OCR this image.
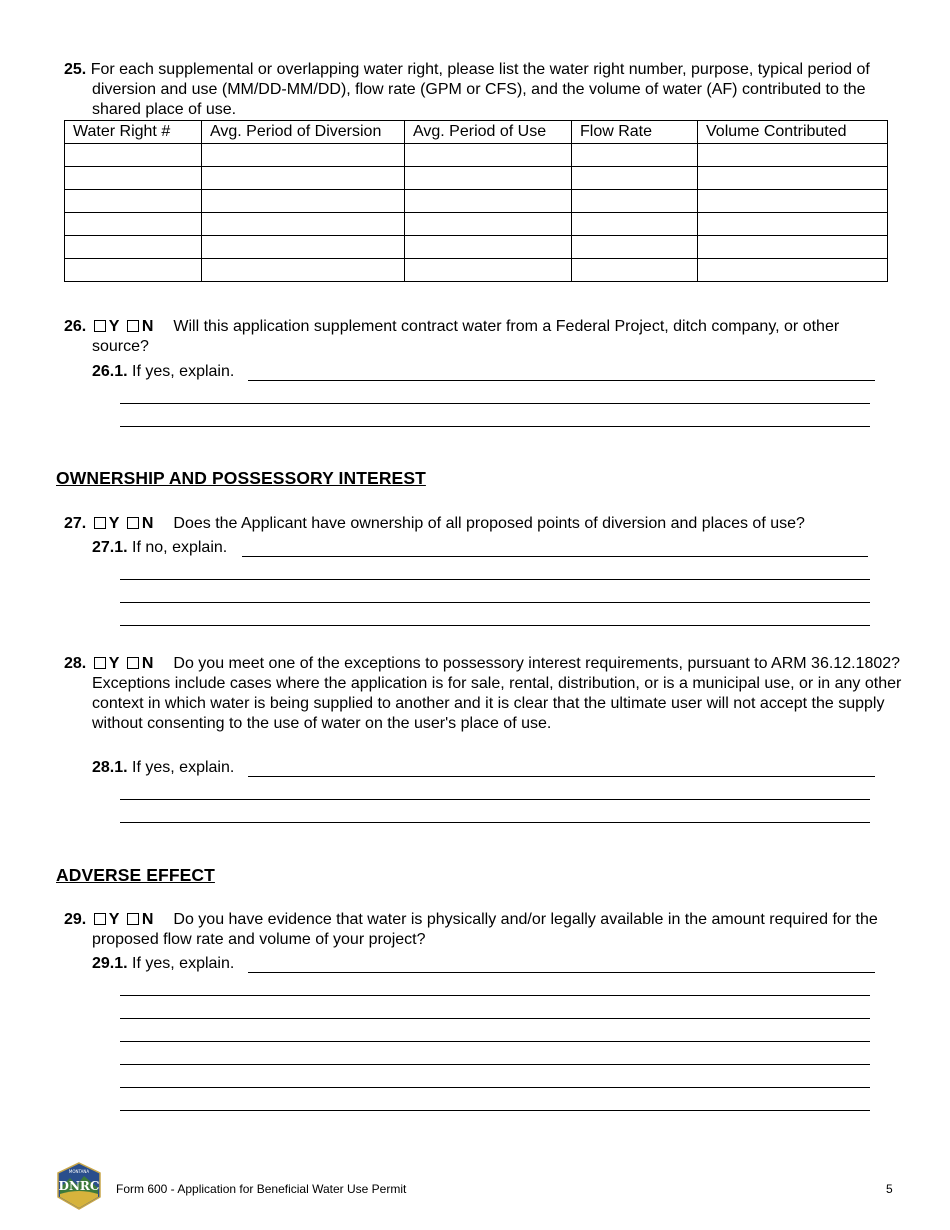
25. For each supplemental or overlapping water right, please list the water right number, purpose, typical period of diversion and use (MM/DD-MM/DD), flow rate (GPM or CFS), and the volume of water (AF) contributed to the shared place of use.
Water Right #	Avg. Period of Diversion	Avg. Period of Use	Flow Rate	Volume Contributed

26. Y N Will this application supplement contract water from a Federal Project, ditch company, or other source?
26.1. If yes, explain.
OWNERSHIP AND POSSESSORY INTEREST
27. Y N Does the Applicant have ownership of all proposed points of diversion and places of use?
27.1. If no, explain.
28. Y N Do you meet one of the exceptions to possessory interest requirements, pursuant to ARM 36.12.1802? Exceptions include cases where the application is for sale, rental, distribution, or is a municipal use, or in any other context in which water is being supplied to another and it is clear that the ultimate user will not accept the supply without consenting to the use of water on the user's place of use.
28.1. If yes, explain.
ADVERSE EFFECT
29. Y N Do you have evidence that water is physically and/or legally available in the amount required for the proposed flow rate and volume of your project?
29.1. If yes, explain.
MONTANA
DNRC Form 600 - Application for Beneficial Water Use Permit	5
